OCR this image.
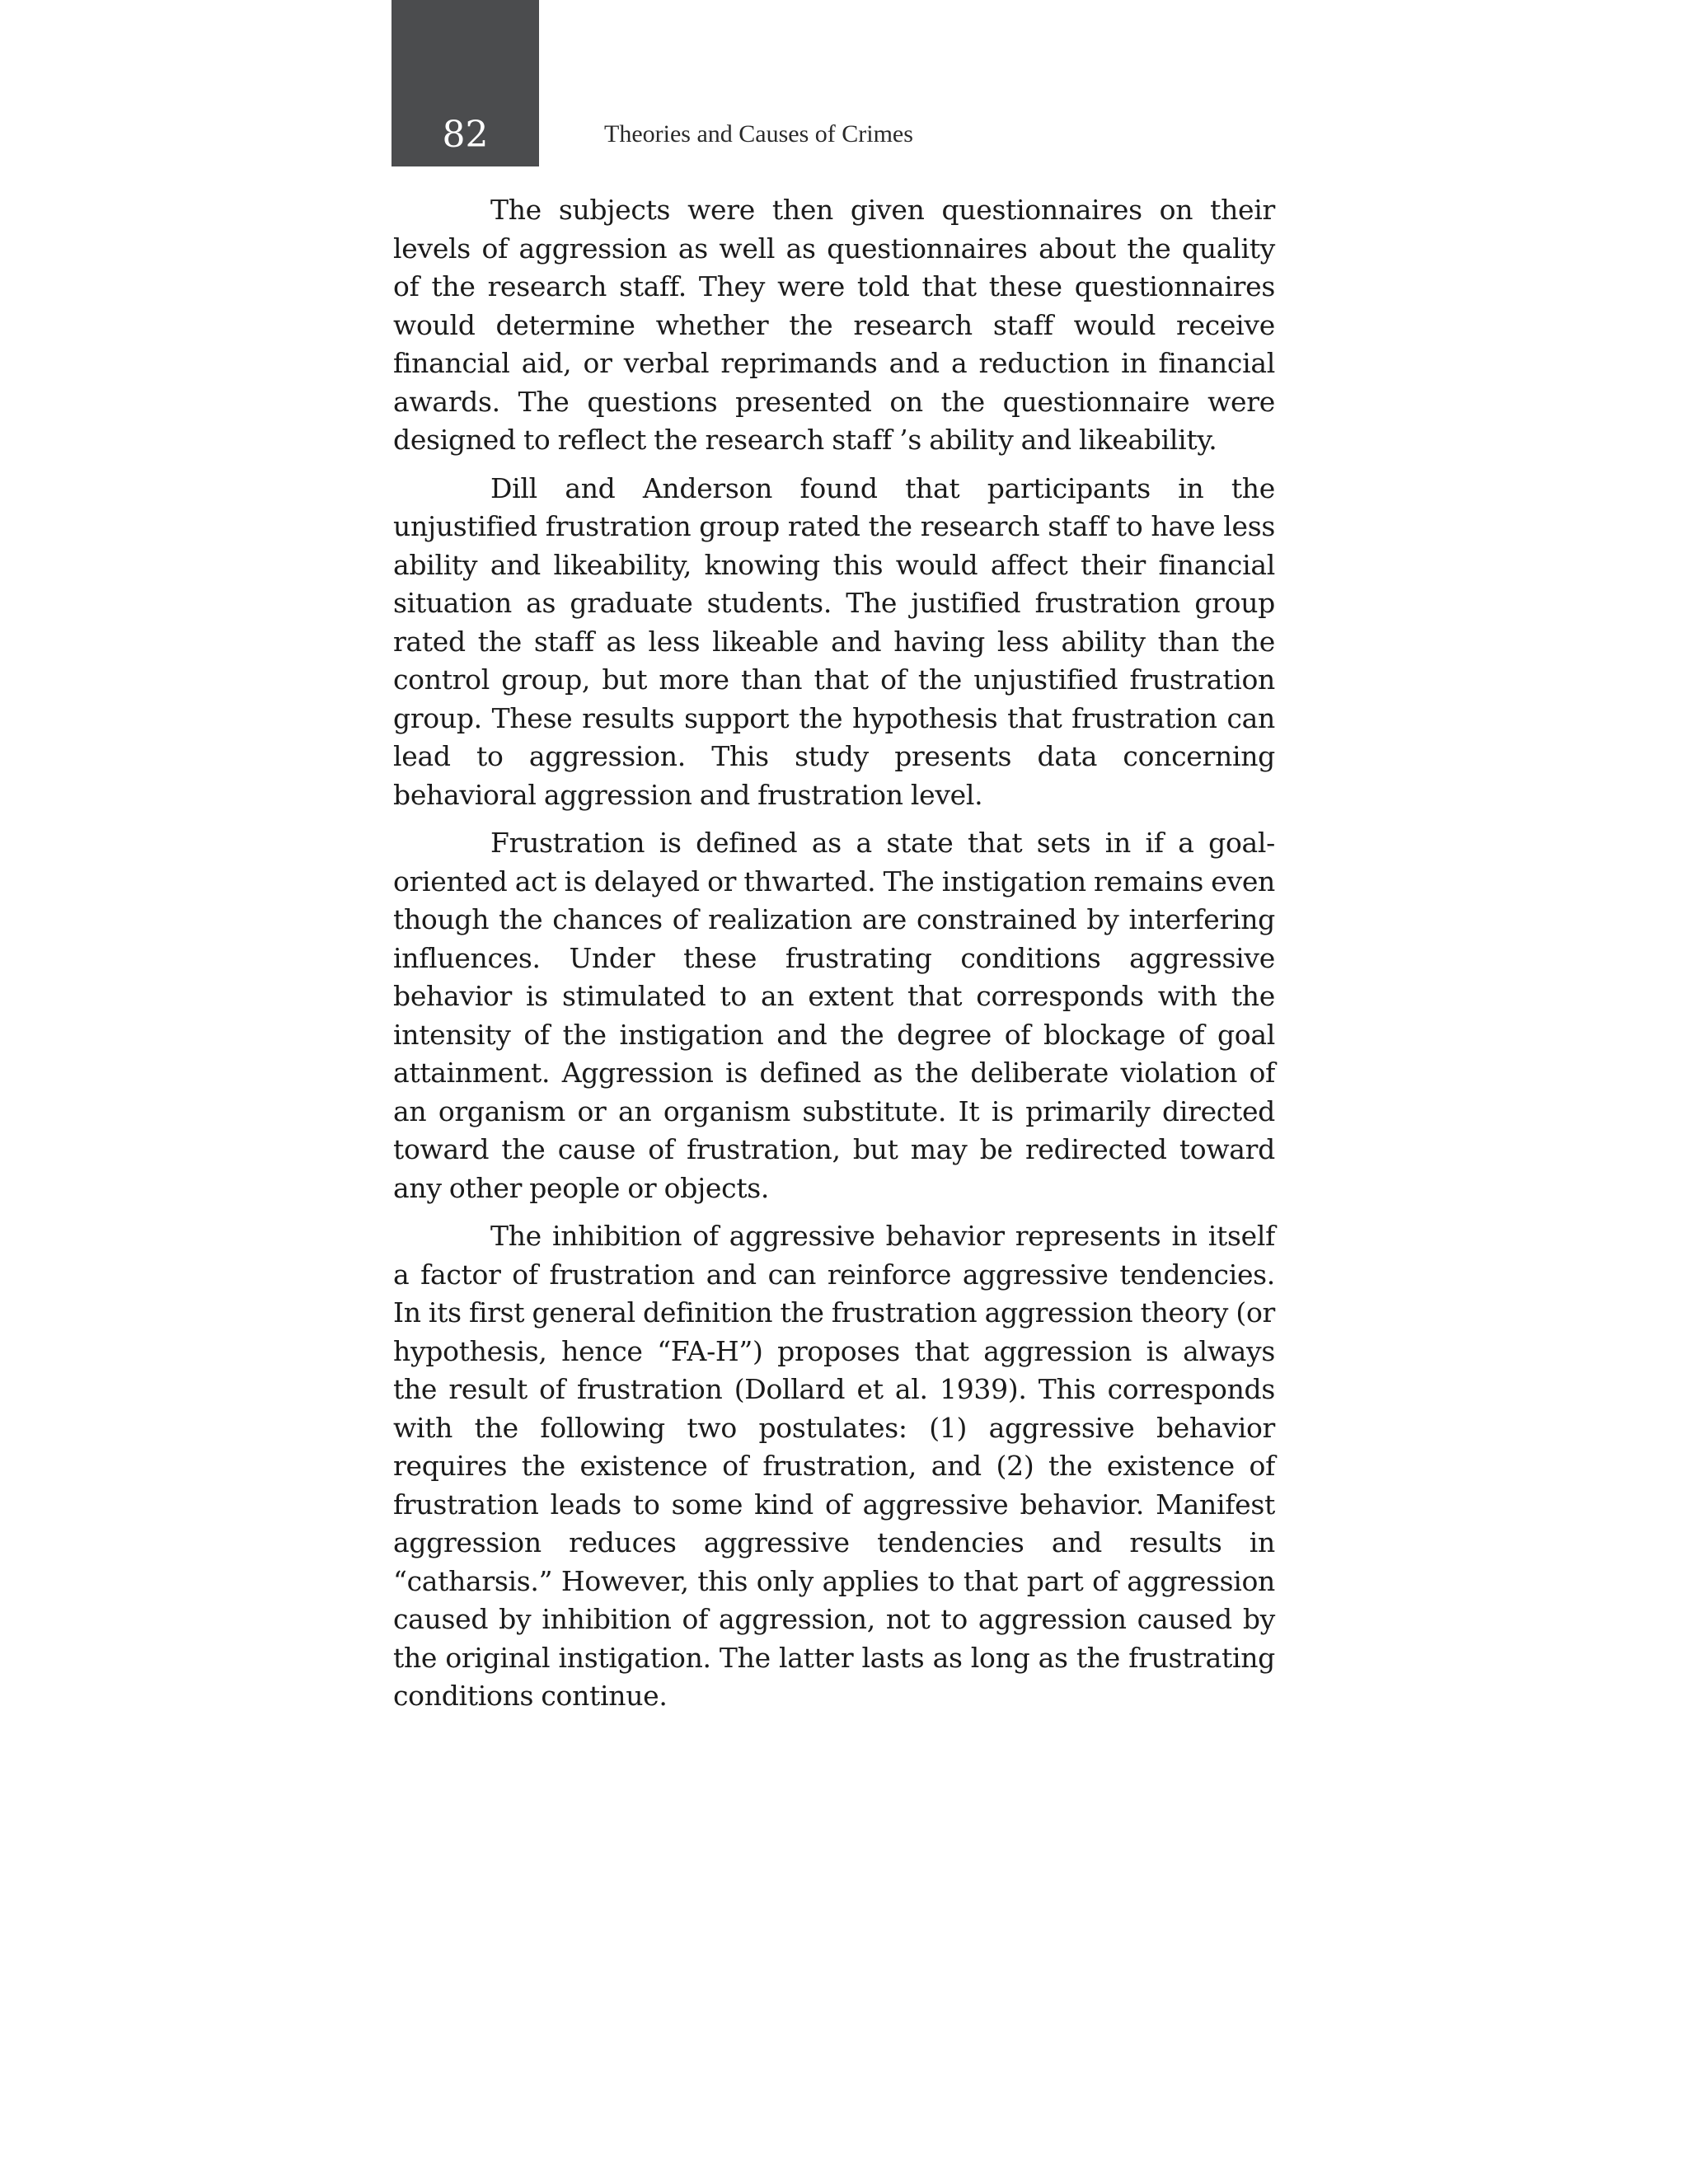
82	Theories and Causes of Crimes

The subjects were then given questionnaires on their levels of aggression as well as questionnaires about the quality of the research staff. They were told that these questionnaires would determine whether the research staff would receive financial aid, or verbal reprimands and a reduction in financial awards. The questions presented on the questionnaire were designed to reflect the research staff ’s ability and likeability.

Dill and Anderson found that participants in the unjustified frustration group rated the research staff to have less ability and likeability, knowing this would affect their financial situation as graduate students. The justified frustration group rated the staff as less likeable and having less ability than the control group, but more than that of the unjustified frustration group. These results support the hypothesis that frustration can lead to aggression. This study presents data concerning behavioral aggression and frustration level.

Frustration is defined as a state that sets in if a goal-oriented act is delayed or thwarted. The instigation remains even though the chances of realization are constrained by interfering influences. Under these frustrating conditions aggressive behavior is stimulated to an extent that corresponds with the intensity of the instigation and the degree of blockage of goal attainment. Aggression is defined as the deliberate violation of an organism or an organism substitute. It is primarily directed toward the cause of frustration, but may be redirected toward any other people or objects.

The inhibition of aggressive behavior represents in itself a factor of frustration and can reinforce aggressive tendencies. In its first general definition the frustration aggression theory (or hypothesis, hence “FA-H”) proposes that aggression is always the result of frustration (Dollard et al. 1939). This corresponds with the following two postulates: (1) aggressive behavior requires the existence of frustration, and (2) the existence of frustration leads to some kind of aggressive behavior. Manifest aggression reduces aggressive tendencies and results in “catharsis.” However, this only applies to that part of aggression caused by inhibition of aggression, not to aggression caused by the original instigation. The latter lasts as long as the frustrating conditions continue.
